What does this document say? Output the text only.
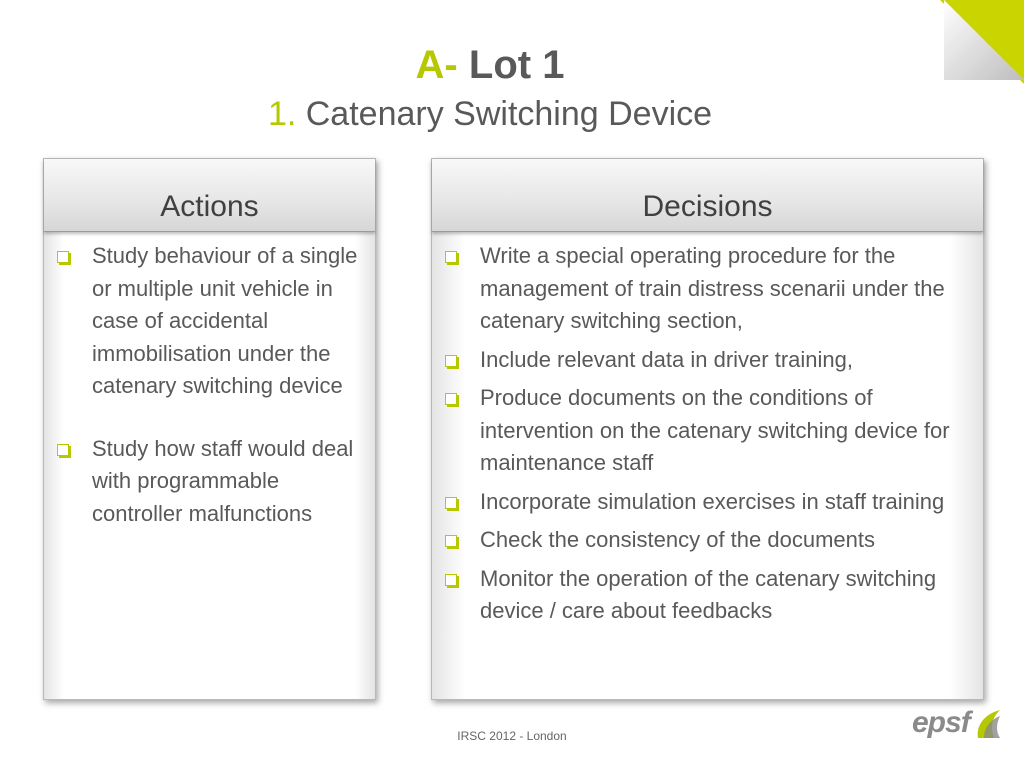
A- Lot 1
1. Catenary Switching Device
Actions
Study behaviour of a single or multiple unit vehicle in case of accidental immobilisation under the catenary switching device
Study how staff would deal with programmable controller malfunctions
Decisions
Write a special operating procedure for the management of train distress scenarii under the catenary switching section,
Include relevant data in driver training,
Produce documents on the conditions of intervention on the catenary switching device for maintenance staff
Incorporate simulation exercises in staff training
Check the consistency of the documents
Monitor the operation of the catenary switching device / care about feedbacks
IRSC 2012 - London	epsf
